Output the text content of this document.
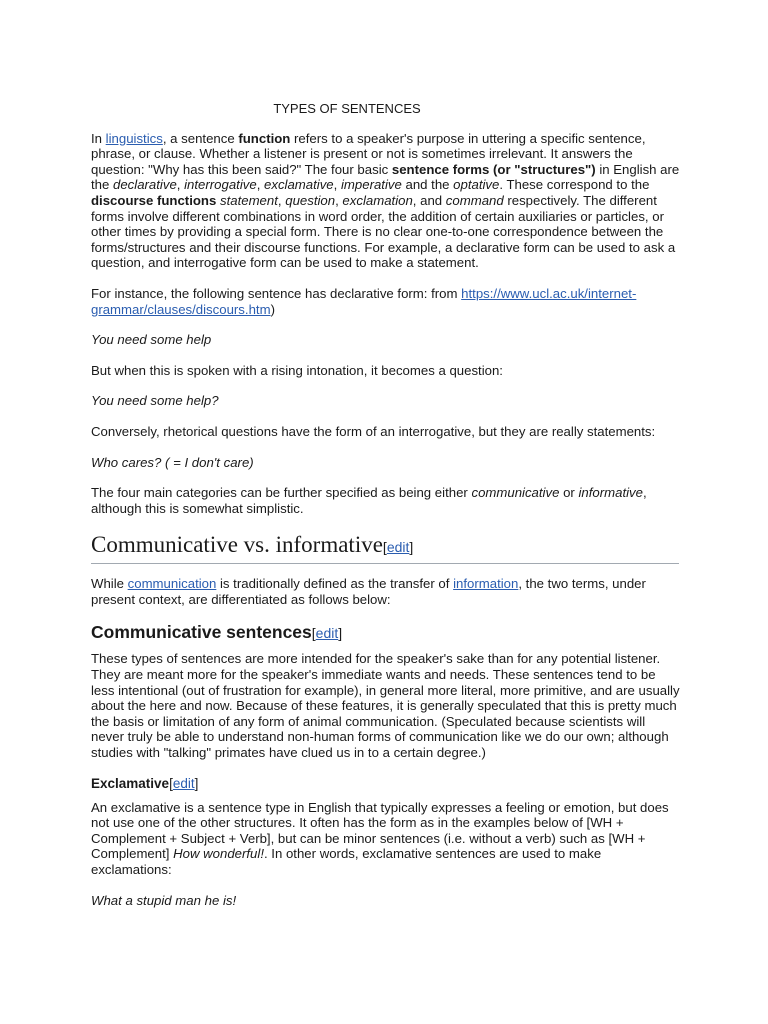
TYPES OF SENTENCES

In linguistics, a sentence function refers to a speaker's purpose in uttering a specific sentence, phrase, or clause. Whether a listener is present or not is sometimes irrelevant. It answers the question: "Why has this been said?" The four basic sentence forms (or "structures") in English are the declarative, interrogative, exclamative, imperative and the optative. These correspond to the discourse functions statement, question, exclamation, and command respectively. The different forms involve different combinations in word order, the addition of certain auxiliaries or particles, or other times by providing a special form. There is no clear one-to-one correspondence between the forms/structures and their discourse functions. For example, a declarative form can be used to ask a question, and interrogative form can be used to make a statement.

For instance, the following sentence has declarative form: from https://www.ucl.ac.uk/internet-grammar/clauses/discours.htm)

You need some help

But when this is spoken with a rising intonation, it becomes a question:

You need some help?

Conversely, rhetorical questions have the form of an interrogative, but they are really statements:

Who cares? ( = I don't care)

The four main categories can be further specified as being either communicative or informative, although this is somewhat simplistic.

Communicative vs. informative[edit]

While communication is traditionally defined as the transfer of information, the two terms, under present context, are differentiated as follows below:

Communicative sentences[edit]

These types of sentences are more intended for the speaker's sake than for any potential listener. They are meant more for the speaker's immediate wants and needs. These sentences tend to be less intentional (out of frustration for example), in general more literal, more primitive, and are usually about the here and now. Because of these features, it is generally speculated that this is pretty much the basis or limitation of any form of animal communication. (Speculated because scientists will never truly be able to understand non-human forms of communication like we do our own; although studies with "talking" primates have clued us in to a certain degree.)

Exclamative[edit]

An exclamative is a sentence type in English that typically expresses a feeling or emotion, but does not use one of the other structures. It often has the form as in the examples below of [WH + Complement + Subject + Verb], but can be minor sentences (i.e. without a verb) such as [WH + Complement] How wonderful!. In other words, exclamative sentences are used to make exclamations:

What a stupid man he is!
